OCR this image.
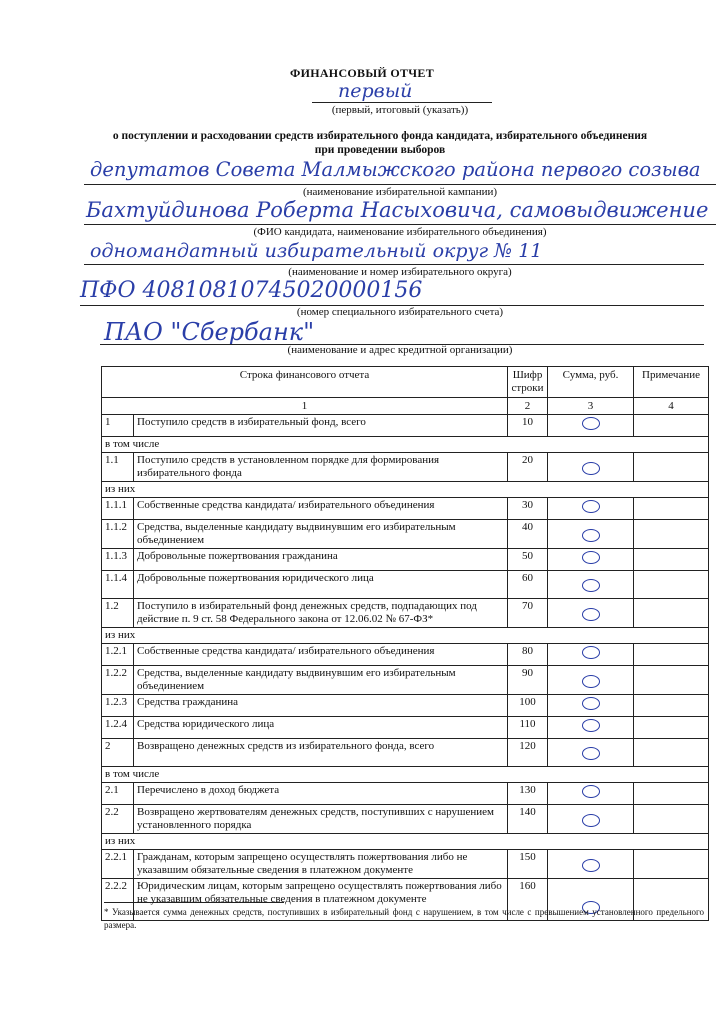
ФИНАНСОВЫЙ ОТЧЕТ
первый
(первый, итоговый (указать))
о поступлении и расходовании средств избирательного фонда кандидата, избирательного объединения
при проведении выборов
депутатов Совета Малмыжского района первого созыва
(наименование избирательной кампании)
Бахтуйдинова Роберта Насыховича, самовыдвижение
(ФИО кандидата, наименование избирательного объединения)
одномандатный избирательный округ № 11
(наименование и номер избирательного округа)
ПФО 40810810745020000156
(номер специального избирательного счета)
ПАО "Сбербанк"
(наименование и адрес кредитной организации)
Строка финансового отчета		Шифр строки	Сумма, руб.	Примечание
1		2	3	4
1	Поступило средств в избирательный фонд, всего	10		
в том числе				
1.1	Поступило средств в установленном порядке для формирования избирательного фонда	20		
из них				
1.1.1	Собственные средства кандидата/ избирательного объединения	30		
1.1.2	Средства, выделенные кандидату выдвинувшим его избирательным объединением	40		
1.1.3	Добровольные пожертвования гражданина	50		
1.1.4	Добровольные пожертвования юридического лица	60		
1.2	Поступило в избирательный фонд денежных средств, подпадающих под действие п. 9 ст. 58 Федерального закона от 12.06.02 № 67-ФЗ*	70		
из них				
1.2.1	Собственные средства кандидата/ избирательного объединения	80		
1.2.2	Средства, выделенные кандидату выдвинувшим его избирательным объединением	90		
1.2.3	Средства гражданина	100		
1.2.4	Средства юридического лица	110		
2	Возвращено денежных средств из избирательного фонда, всего	120		
в том числе				
2.1	Перечислено в доход бюджета	130		
2.2	Возвращено жертвователям денежных средств, поступивших с нарушением установленного порядка	140		
из них				
2.2.1	Гражданам, которым запрещено осуществлять пожертвования либо не указавшим обязательные сведения в платежном документе	150		
2.2.2	Юридическим лицам, которым запрещено осуществлять пожертвования либо не указавшим обязательные сведения в платежном документе	160		
* Указывается сумма денежных средств, поступивших в избирательный фонд с нарушением, в том числе с превышением установленного предельного размера.
